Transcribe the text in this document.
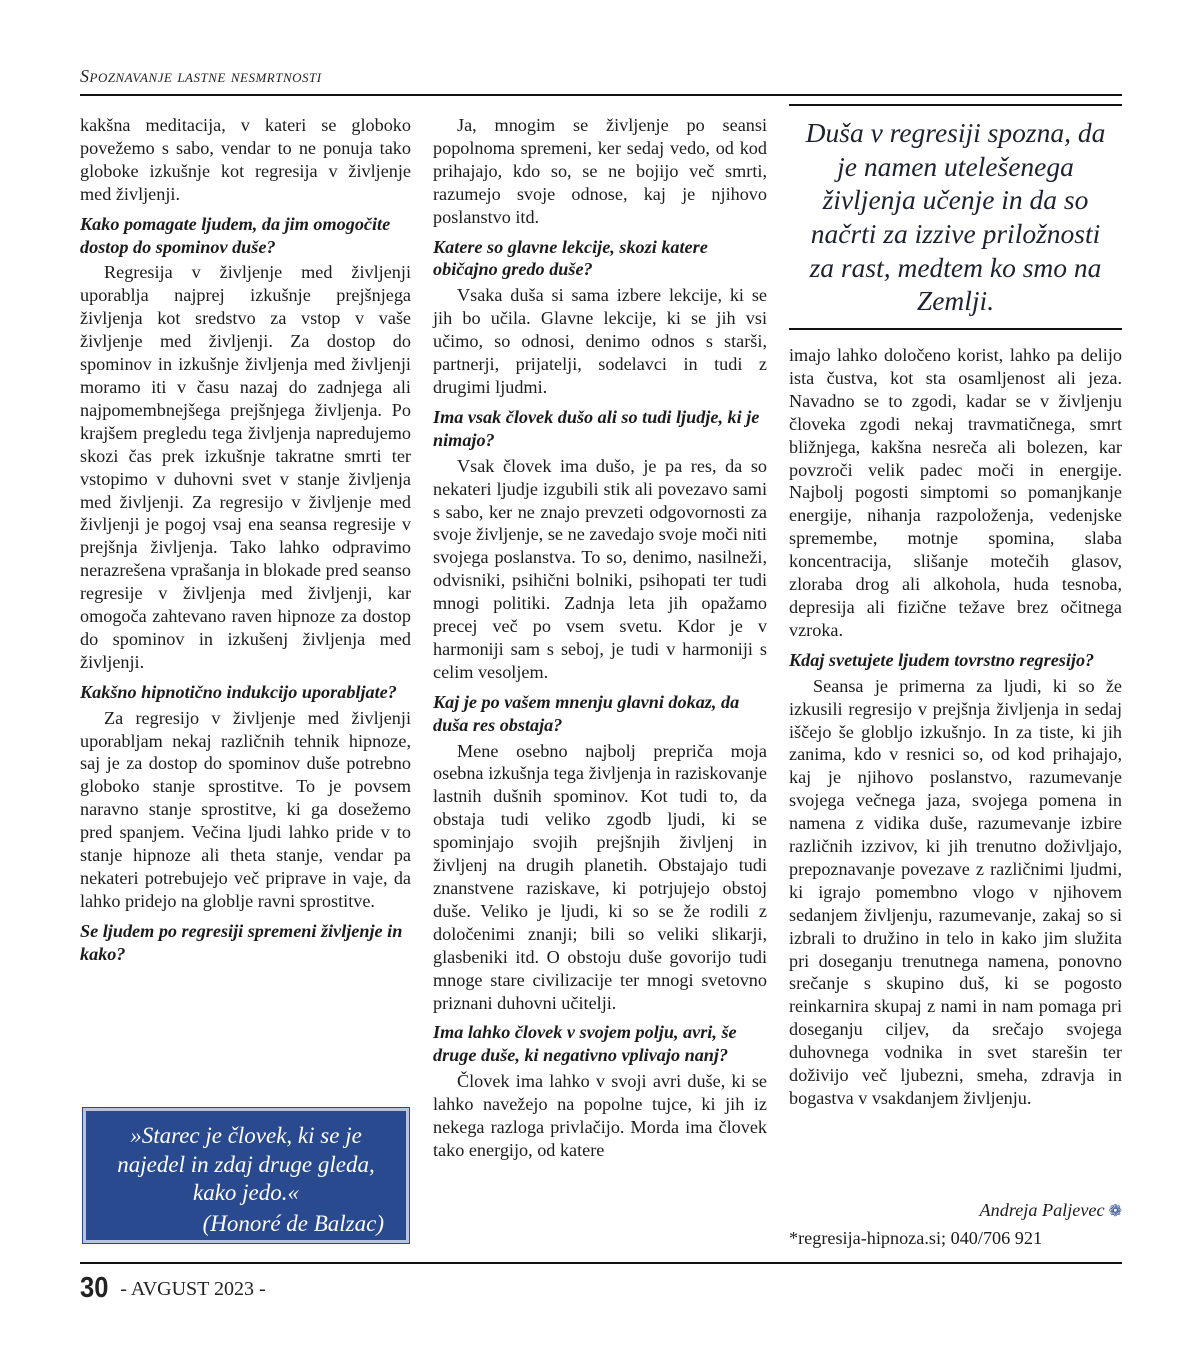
Spoznavanje lastne nesmrtnosti

kakšna meditacija, v kateri se globoko povežemo s sabo, vendar to ne ponuja tako globoke izkušnje kot regresija v življenje med življenji.

Kako pomagate ljudem, da jim omogočite dostop do spominov duše?

Regresija v življenje med življenji uporablja najprej izkušnje prejšnjega življenja kot sredstvo za vstop v vaše življenje med življenji. Za dostop do spominov in izkušnje življenja med življenji moramo iti v času nazaj do zadnjega ali najpomembnejšega prejšnjega življenja. Po krajšem pregledu tega življenja napredujemo skozi čas prek izkušnje takratne smrti ter vstopimo v duhovni svet v stanje življenja med življenji. Za regresijo v življenje med življenji je pogoj vsaj ena seansa regresije v prejšnja življenja. Tako lahko odpravimo nerazrešena vprašanja in blokade pred seanso regresije v življenja med življenji, kar omogoča zahtevano raven hipnoze za dostop do spominov in izkušenj življenja med življenji.

Kakšno hipnotično indukcijo uporabljate?

Za regresijo v življenje med življenji uporabljam nekaj različnih tehnik hipnoze, saj je za dostop do spominov duše potrebno globoko stanje sprostitve. To je povsem naravno stanje sprostitve, ki ga dosežemo pred spanjem. Večina ljudi lahko pride v to stanje hipnoze ali theta stanje, vendar pa nekateri potrebujejo več priprave in vaje, da lahko pridejo na globlje ravni sprostitve.

Se ljudem po regresiji spremeni življenje in kako?
»Starec je človek, ki se je najedel in zdaj druge gleda, kako jedo.«
(Honoré de Balzac)

Ja, mnogim se življenje po seansi popolnoma spremeni, ker sedaj vedo, od kod prihajajo, kdo so, se ne bojijo več smrti, razumejo svoje odnose, kaj je njihovo poslanstvo itd.

Katere so glavne lekcije, skozi katere običajno gredo duše?

Vsaka duša si sama izbere lekcije, ki se jih bo učila. Glavne lekcije, ki se jih vsi učimo, so odnosi, denimo odnos s starši, partnerji, prijatelji, sodelavci in tudi z drugimi ljudmi.

Ima vsak človek dušo ali so tudi ljudje, ki je nimajo?

Vsak človek ima dušo, je pa res, da so nekateri ljudje izgubili stik ali povezavo sami s sabo, ker ne znajo prevzeti odgovornosti za svoje življenje, se ne zavedajo svoje moči niti svojega poslanstva. To so, denimo, nasilneži, odvisniki, psihični bolniki, psihopati ter tudi mnogi politiki. Zadnja leta jih opažamo precej več po vsem svetu. Kdor je v harmoniji sam s seboj, je tudi v harmoniji s celim vesoljem.

Kaj je po vašem mnenju glavni dokaz, da duša res obstaja?

Mene osebno najbolj prepriča moja osebna izkušnja tega življenja in raziskovanje lastnih dušnih spominov. Kot tudi to, da obstaja tudi veliko zgodb ljudi, ki se spominjajo svojih prejšnjih življenj in življenj na drugih planetih. Obstajajo tudi znanstvene raziskave, ki potrjujejo obstoj duše. Veliko je ljudi, ki so se že rodili z določenimi znanji; bili so veliki slikarji, glasbeniki itd. O obstoju duše govorijo tudi mnoge stare civilizacije ter mnogi svetovno priznani duhovni učitelji.

Ima lahko človek v svojem polju, avri, še druge duše, ki negativno vplivajo nanj?

Človek ima lahko v svoji avri duše, ki se lahko navežejo na popolne tujce, ki jih iz nekega razloga privlačijo. Morda ima človek tako energijo, od katere

Duša v regresiji spozna, da je namen utelešenega življenja učenje in da so načrti za izzive priložnosti za rast, medtem ko smo na Zemlji.

imajo lahko določeno korist, lahko pa delijo ista čustva, kot sta osamljenost ali jeza. Navadno se to zgodi, kadar se v življenju človeka zgodi nekaj travmatičnega, smrt bližnjega, kakšna nesreča ali bolezen, kar povzroči velik padec moči in energije. Najbolj pogosti simptomi so pomanjkanje energije, nihanja razpoloženja, vedenjske spremembe, motnje spomina, slaba koncentracija, slišanje motečih glasov, zloraba drog ali alkohola, huda tesnoba, depresija ali fizične težave brez očitnega vzroka.

Kdaj svetujete ljudem tovrstno regresijo?

Seansa je primerna za ljudi, ki so že izkusili regresijo v prejšnja življenja in sedaj iščejo še globljo izkušnjo. In za tiste, ki jih zanima, kdo v resnici so, od kod prihajajo, kaj je njihovo poslanstvo, razumevanje svojega večnega jaza, svojega pomena in namena z vidika duše, razumevanje izbire različnih izzivov, ki jih trenutno doživljajo, prepoznavanje povezave z različnimi ljudmi, ki igrajo pomembno vlogo v njihovem sedanjem življenju, razumevanje, zakaj so si izbrali to družino in telo in kako jim služita pri doseganju trenutnega namena, ponovno srečanje s skupino duš, ki se pogosto reinkarnira skupaj z nami in nam pomaga pri doseganju ciljev, da srečajo svojega duhovnega vodnika in svet starešin ter doživijo več ljubezni, smeha, zdravja in bogastva v vsakdanjem življenju.

Andreja Paljevec ❁
*regresija-hipnoza.si; 040/706 921
30 - AVGUST 2023 -
